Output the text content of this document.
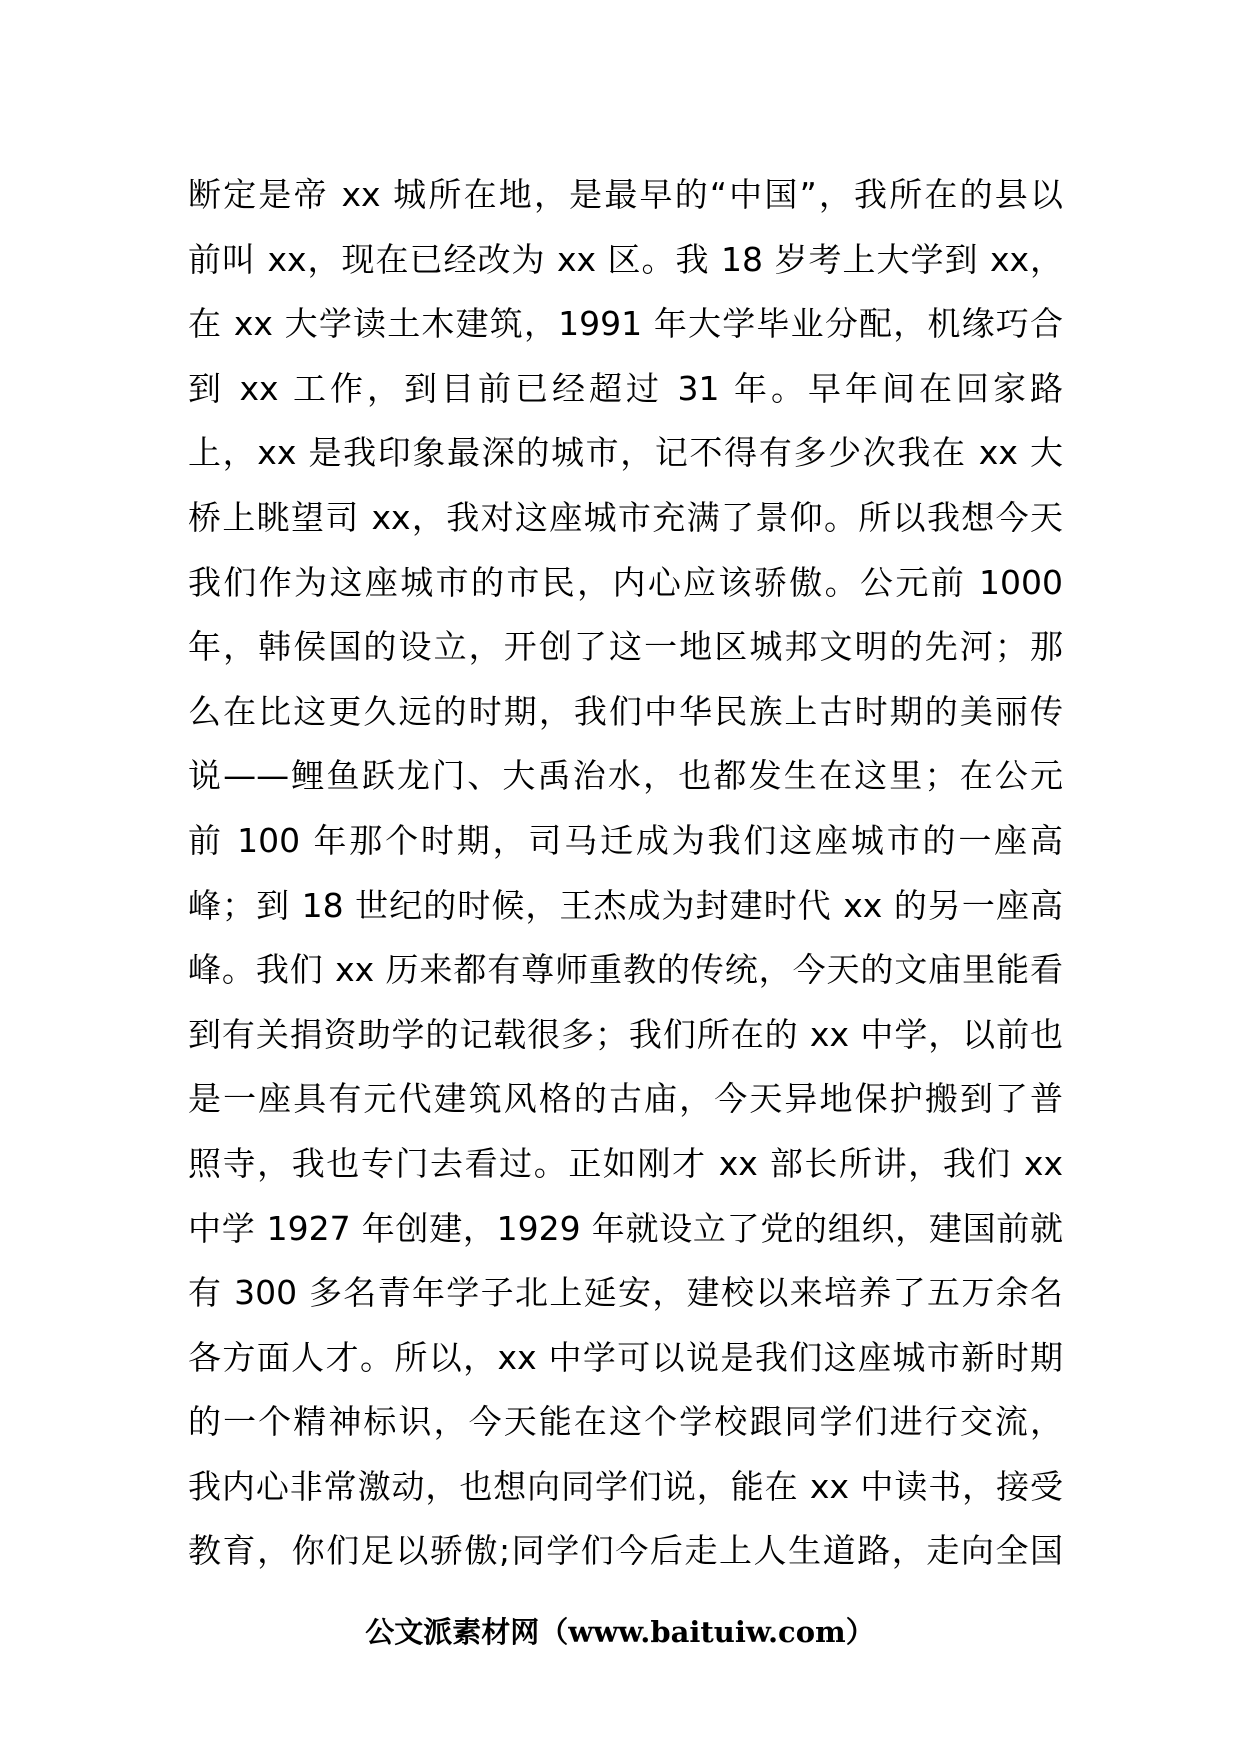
断定是帝 xx 城所在地，是最早的“中国”，我所在的县以
前叫 xx，现在已经改为 xx 区。我 18 岁考上大学到 xx，
在 xx 大学读土木建筑，1991 年大学毕业分配，机缘巧合
到 xx 工作，到目前已经超过 31 年。早年间在回家路
上，xx 是我印象最深的城市，记不得有多少次我在 xx 大
桥上眺望司 xx，我对这座城市充满了景仰。所以我想今天
我们作为这座城市的市民，内心应该骄傲。公元前 1000
年，韩侯国的设立，开创了这一地区城邦文明的先河；那
么在比这更久远的时期，我们中华民族上古时期的美丽传
说——鲤鱼跃龙门、大禹治水，也都发生在这里；在公元
前 100 年那个时期，司马迁成为我们这座城市的一座高
峰；到 18 世纪的时候，王杰成为封建时代 xx 的另一座高
峰。我们 xx 历来都有尊师重教的传统，今天的文庙里能看
到有关捐资助学的记载很多；我们所在的 xx 中学，以前也
是一座具有元代建筑风格的古庙，今天异地保护搬到了普
照寺，我也专门去看过。正如刚才 xx 部长所讲，我们 xx
中学 1927 年创建，1929 年就设立了党的组织，建国前就
有 300 多名青年学子北上延安，建校以来培养了五万余名
各方面人才。所以，xx 中学可以说是我们这座城市新时期
的一个精神标识，今天能在这个学校跟同学们进行交流，
我内心非常激动，也想向同学们说，能在 xx 中读书，接受
教育，你们足以骄傲;同学们今后走上人生道路，走向全国
公文派素材网（www.baituiw.com）
